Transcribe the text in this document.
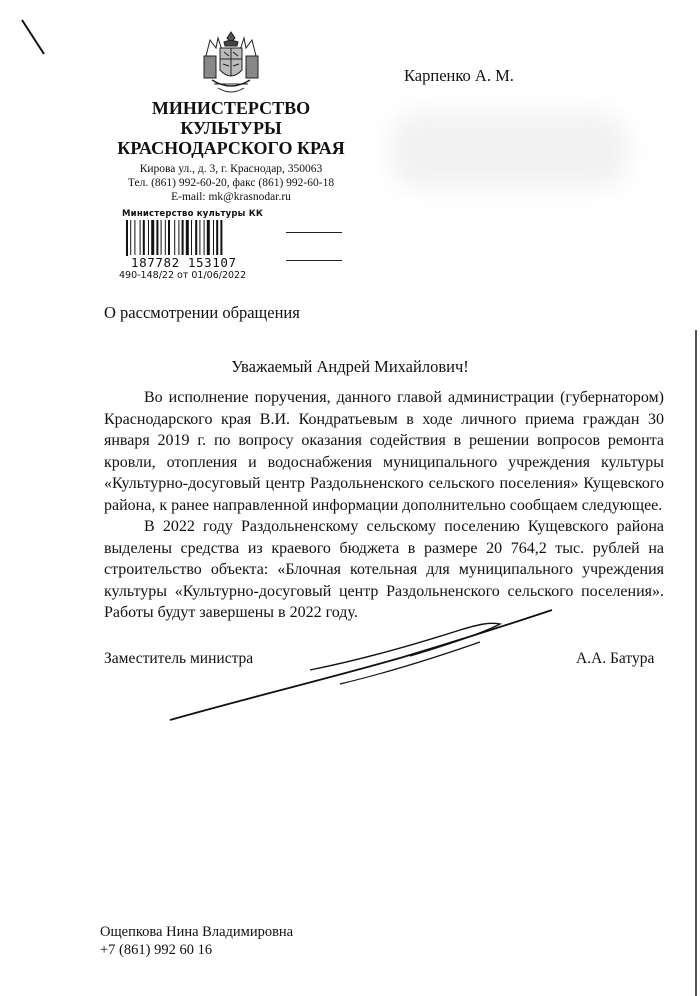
МИНИСТЕРСТВО
КУЛЬТУРЫ
КРАСНОДАРСКОГО КРАЯ
Кирова ул., д. 3, г. Краснодар, 350063
Тел. (861) 992-60-20, факс (861) 992-60-18
E-mail: mk@krasnodar.ru
Карпенко А. М.
Министерство культуры КК
187782 153107
490-148/22 от 01/06/2022
О рассмотрении обращения
Уважаемый Андрей Михайлович!

Во исполнение поручения, данного главой администрации (губернатором) Краснодарского края В.И. Кондратьевым в ходе личного приема граждан 30 января 2019 г. по вопросу оказания содействия в решении вопросов ремонта кровли, отопления и водоснабжения муниципального учреждения культуры «Культурно-досуговый центр Раздольненского сельского поселения» Кущевского района, к ранее направленной информации дополнительно сообщаем следующее.

В 2022 году Раздольненскому сельскому поселению Кущевского района выделены средства из краевого бюджета в размере 20 764,2 тыс. рублей на строительство объекта: «Блочная котельная для муниципального учреждения культуры «Культурно-досуговый центр Раздольненского сельского поселения». Работы будут завершены в 2022 году.

Заместитель министра	А.А. Батура
Ощепкова Нина Владимировна
+7 (861) 992 60 16
